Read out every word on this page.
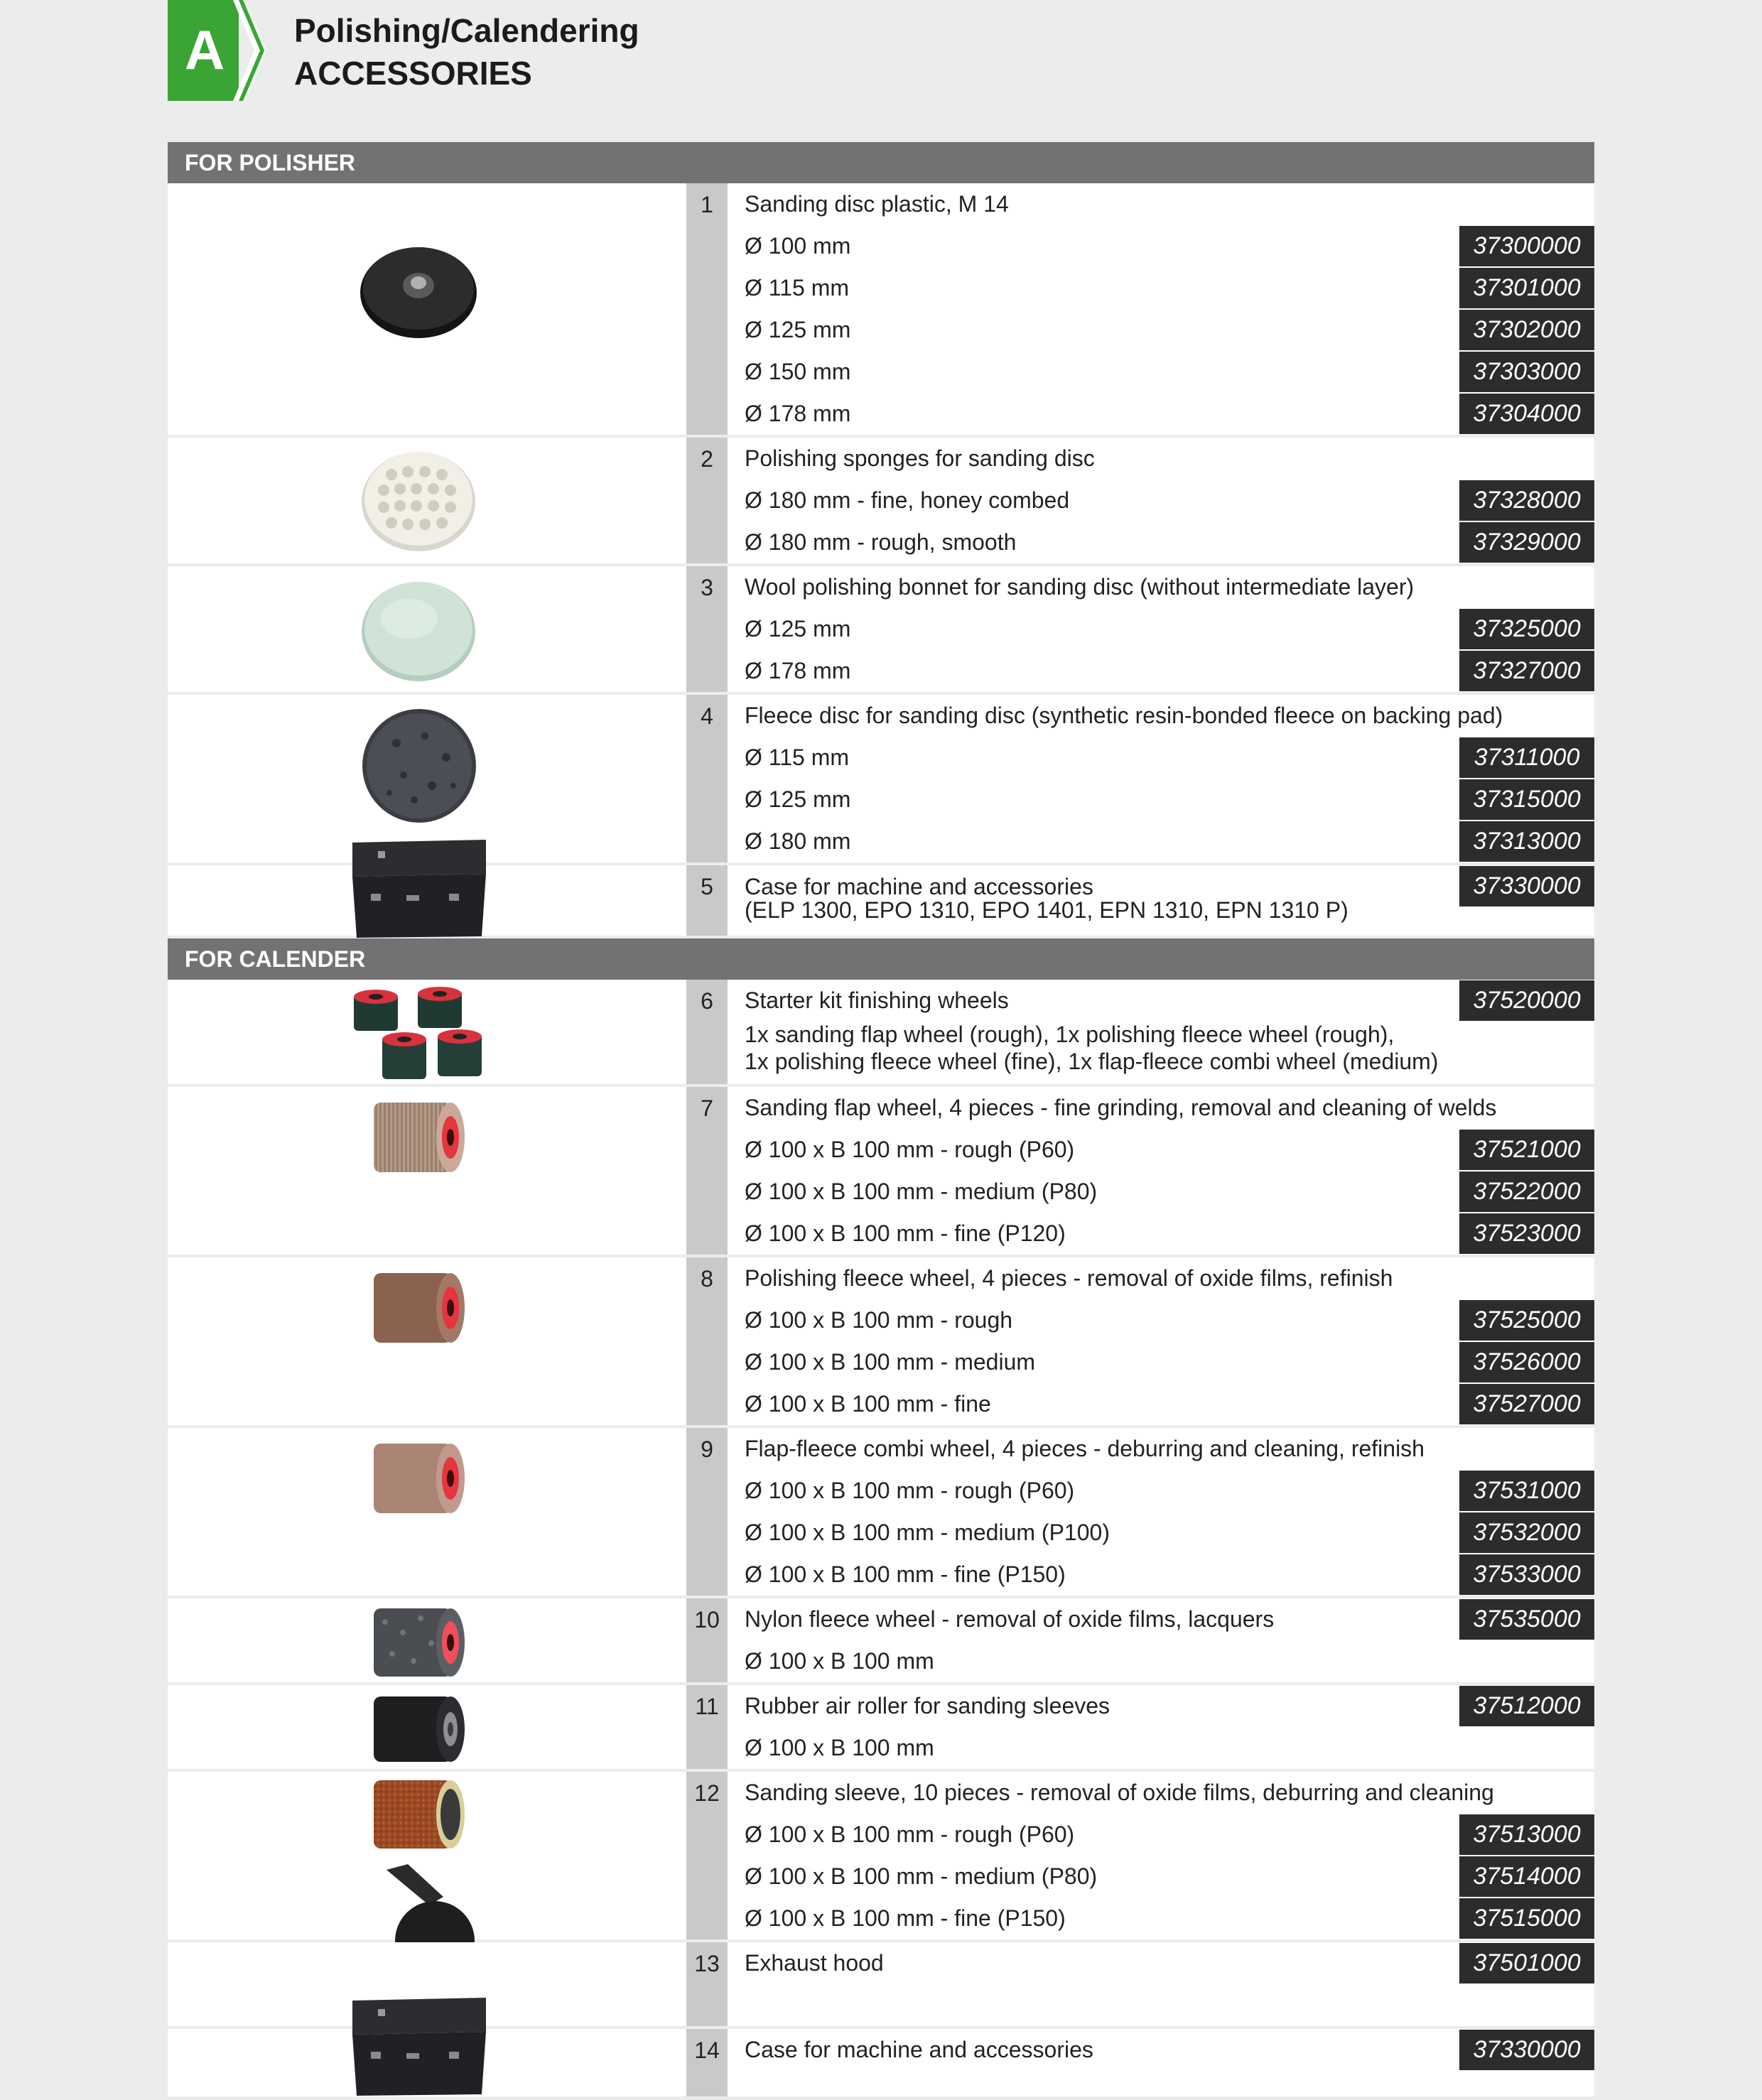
A Polishing/Calendering
ACCESSORIES
FOR POLISHER
1	Sanding disc plastic, M 14
Ø 100 mm	37300000
Ø 115 mm	37301000
Ø 125 mm	37302000
Ø 150 mm	37303000
Ø 178 mm	37304000
2	Polishing sponges for sanding disc
Ø 180 mm - fine, honey combed	37328000
Ø 180 mm - rough, smooth	37329000
3	Wool polishing bonnet for sanding disc (without intermediate layer)
Ø 125 mm	37325000
Ø 178 mm	37327000
4	Fleece disc for sanding disc (synthetic resin-bonded fleece on backing pad)
Ø 115 mm	37311000
Ø 125 mm	37315000
Ø 180 mm	37313000
5	Case for machine and accessories	37330000
(ELP 1300, EPO 1310, EPO 1401, EPN 1310, EPN 1310 P)
FOR CALENDER
6	Starter kit finishing wheels	37520000
1x sanding flap wheel (rough), 1x polishing fleece wheel (rough),
1x polishing fleece wheel (fine), 1x flap-fleece combi wheel (medium)
7	Sanding flap wheel, 4 pieces - fine grinding, removal and cleaning of welds
Ø 100 x B 100 mm - rough (P60)	37521000
Ø 100 x B 100 mm - medium (P80)	37522000
Ø 100 x B 100 mm - fine (P120)	37523000
8	Polishing fleece wheel, 4 pieces - removal of oxide films, refinish
Ø 100 x B 100 mm - rough	37525000
Ø 100 x B 100 mm - medium	37526000
Ø 100 x B 100 mm - fine	37527000
9	Flap-fleece combi wheel, 4 pieces - deburring and cleaning, refinish
Ø 100 x B 100 mm - rough (P60)	37531000
Ø 100 x B 100 mm - medium (P100)	37532000
Ø 100 x B 100 mm - fine (P150)	37533000
10	Nylon fleece wheel - removal of oxide films, lacquers	37535000
Ø 100 x B 100 mm
11	Rubber air roller for sanding sleeves	37512000
Ø 100 x B 100 mm
12	Sanding sleeve, 10 pieces - removal of oxide films, deburring and cleaning
Ø 100 x B 100 mm - rough (P60)	37513000
Ø 100 x B 100 mm - medium (P80)	37514000
Ø 100 x B 100 mm - fine (P150)	37515000
13	Exhaust hood	37501000
14	Case for machine and accessories	37330000
